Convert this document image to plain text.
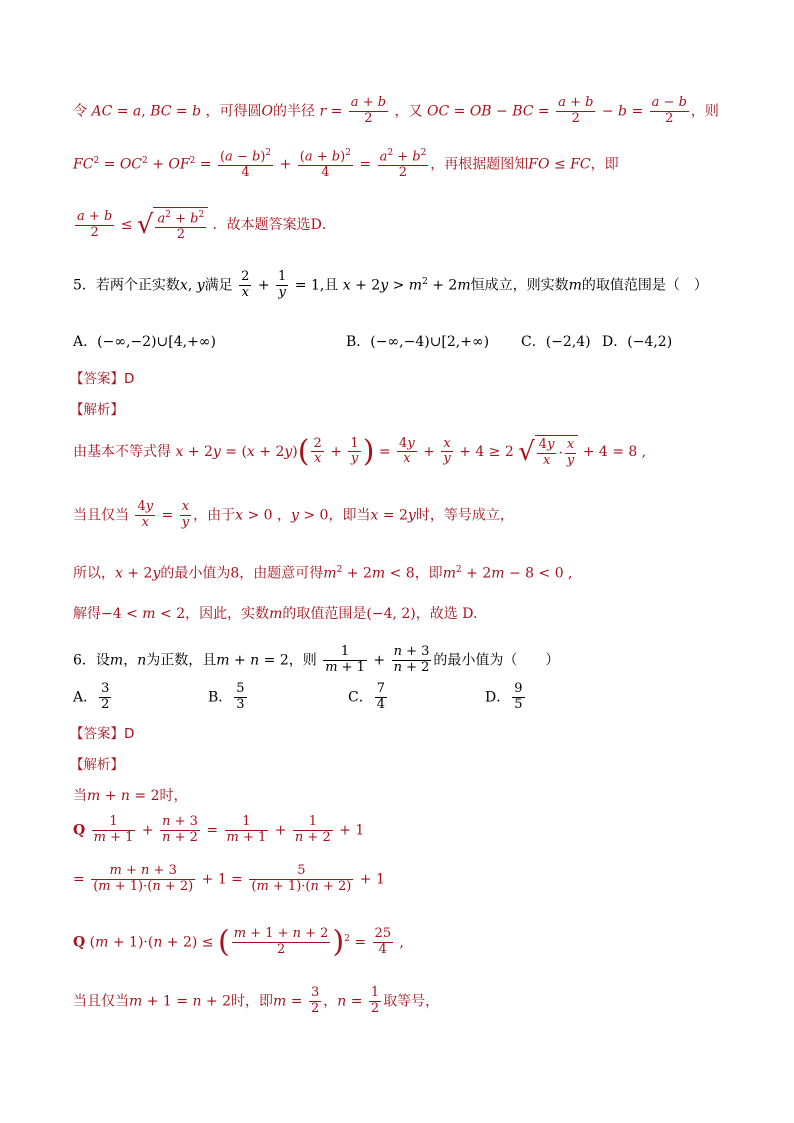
令 AC = a, BC = b ，可得圆O的半径 $r = \frac{a + b}{2}$ ，又 OC = OB − BC = $\frac{a + b}{2} - b = \frac{a - b}{2}$ ，则
$FC^2 = OC^2 + OF^2 = \frac{(a - b)^2}{4} + \frac{(a + b)^2}{4} = \frac{a^2 + b^2}{2}$ ，再根据题图知FO ≤ FC，即
$\frac{a + b}{2}$ ≤ √ $\frac{a^2 + b^2}{2}$ ．故本题答案选D．
5．若两个正实数x, y满足 $\frac{2}{x} + \frac{1}{y} = 1$,且 $x + 2y > m^2 + 2m$恒成立，则实数m的取值范围是（　）
A．(−∞,−2)∪[4,+∞)	B．(−∞,−4)∪[2,+∞) C．(−2,4) D．(−4,2)
【答案】D
【解析】
由基本不等式得 $x + 2y = (x + 2y)( \frac{2}{x} + \frac{1}{y}$ ) = $\frac{4y}{x} + \frac{x}{y} + 4 \ge 2$ √ $\frac{4y}{x} \cdot \frac{x}{y} + 4 = 8$ ,
当且仅当 $\frac{4y}{x} = \frac{x}{y}$ ，由于x > 0 ，y > 0，即当x = 2y时，等号成立，
所以，x + 2y的最小值为8，由题意可得$m^2 + 2m < 8$，即$m^2 + 2m - 8 < 0$ ,
解得−4 < m < 2，因此，实数m的取值范围是(−4, 2)，故选 D.
6．设m，n为正数，且m + n = 2，则 $\frac{1}{m + 1} + \frac{n + 3}{n + 2}$ 的最小值为（　　）
A． $\frac{3}{2}$	B． $\frac{5}{3}$	C． $\frac{7}{4}$	D． $\frac{9}{5}$
【答案】D
【解析】
当m + n = 2时，
Q $\frac{1}{m + 1} + \frac{n + 3}{n + 2} = \frac{1}{m + 1} + \frac{1}{n + 2} + 1$
= $\frac{m + n + 3}{(m + 1)\cdot(n + 2)} + 1 = \frac{5}{(m + 1)\cdot(n + 2)} + 1$
Q (m + 1)·(n + 2) ≤ ( $\frac{m + 1 + n + 2}{2} )^2 = \frac{25}{4}$ ,
当且仅当m + 1 = n + 2时，即$m = \frac{3}{2}$ ，$n = \frac{1}{2}$ 取等号，
